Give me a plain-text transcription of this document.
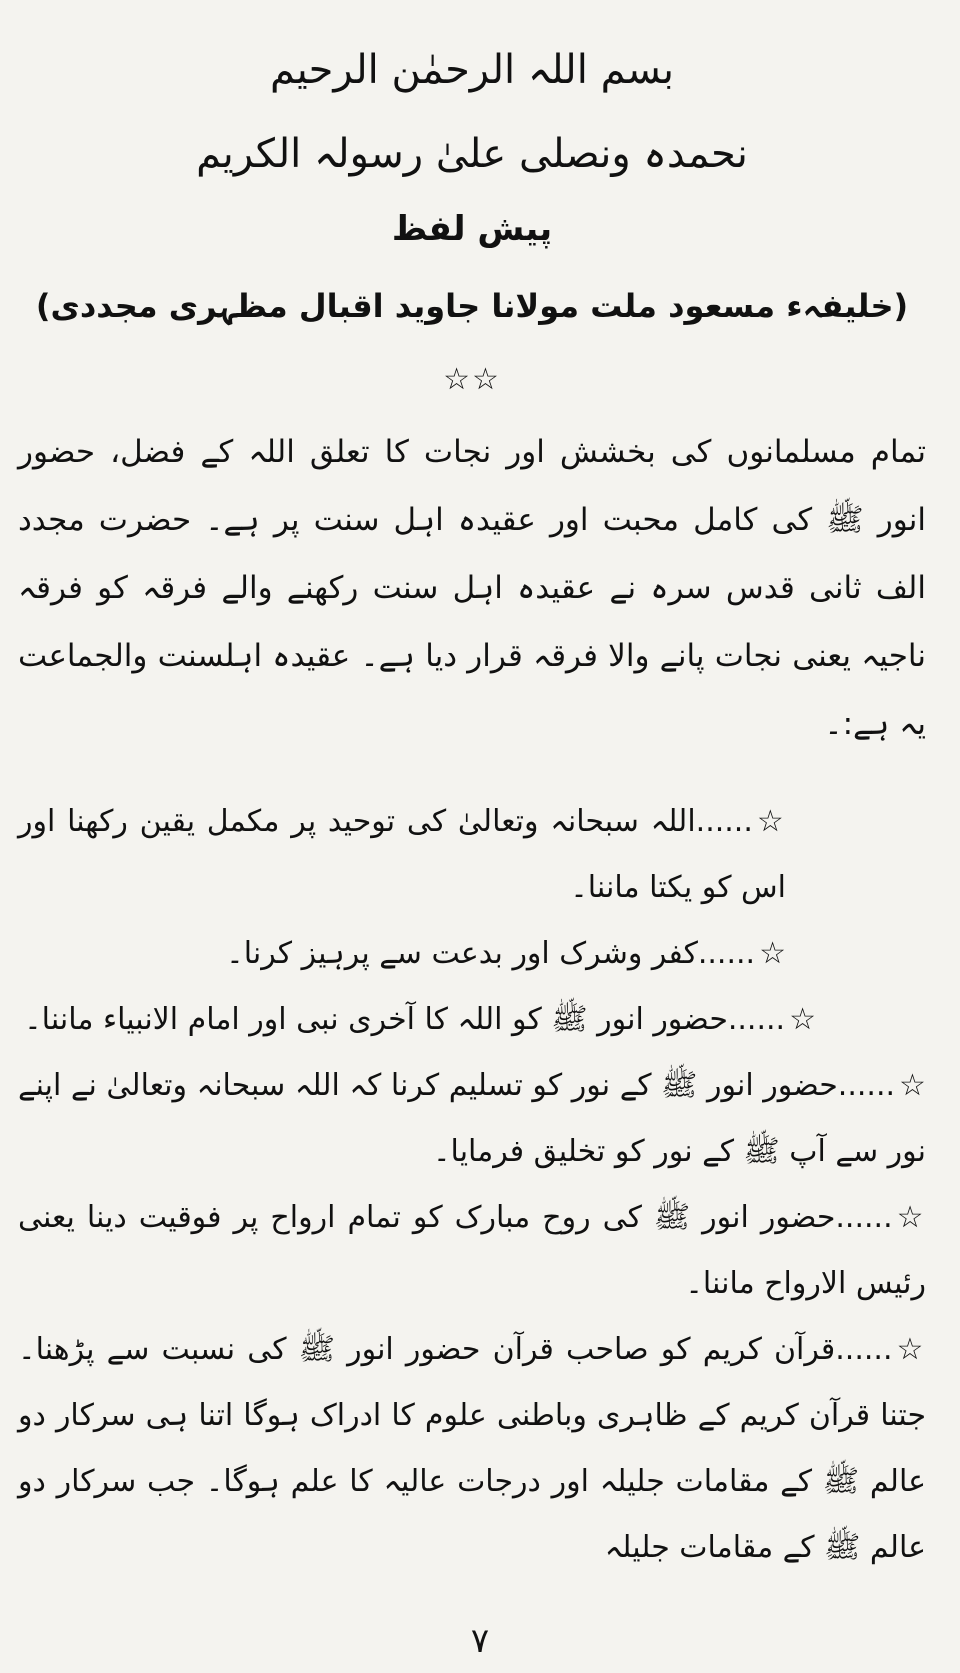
بسم اللہ الرحمٰن الرحیم

نحمدہ ونصلی علیٰ رسولہ الکریم

پیش لفظ

(خلیفہء مسعود ملت مولانا جاوید اقبال مظہری مجددی)

☆☆

تمام مسلمانوں کی بخشش اور نجات کا تعلق اللہ کے فضل، حضور انور ﷺ کی کامل محبت اور عقیدہ اہل سنت پر ہے۔ حضرت مجدد الف ثانی قدس سرہ نے عقیدہ اہل سنت رکھنے والے فرقہ کو فرقہ ناجیہ یعنی نجات پانے والا فرقہ قرار دیا ہے۔ عقیدہ اہلسنت والجماعت یہ ہے:۔

☆......اللہ سبحانہ وتعالیٰ کی توحید پر مکمل یقین رکھنا اور اس کو یکتا ماننا۔
☆......کفر وشرک اور بدعت سے پرہیز کرنا۔
☆......حضور انور ﷺ کو اللہ کا آخری نبی اور امام الانبیاء ماننا۔
☆......حضور انور ﷺ کے نور کو تسلیم کرنا کہ اللہ سبحانہ وتعالیٰ نے اپنے نور سے آپ ﷺ کے نور کو تخلیق فرمایا۔
☆......حضور انور ﷺ کی روح مبارک کو تمام ارواح پر فوقیت دینا یعنی رئیس الارواح ماننا۔
☆......قرآن کریم کو صاحب قرآن حضور انور ﷺ کی نسبت سے پڑھنا۔ جتنا قرآن کریم کے ظاہری وباطنی علوم کا ادراک ہوگا اتنا ہی سرکار دو عالم ﷺ کے مقامات جلیلہ اور درجات عالیہ کا علم ہوگا۔ جب سرکار دو عالم ﷺ کے مقامات جلیلہ
۷
